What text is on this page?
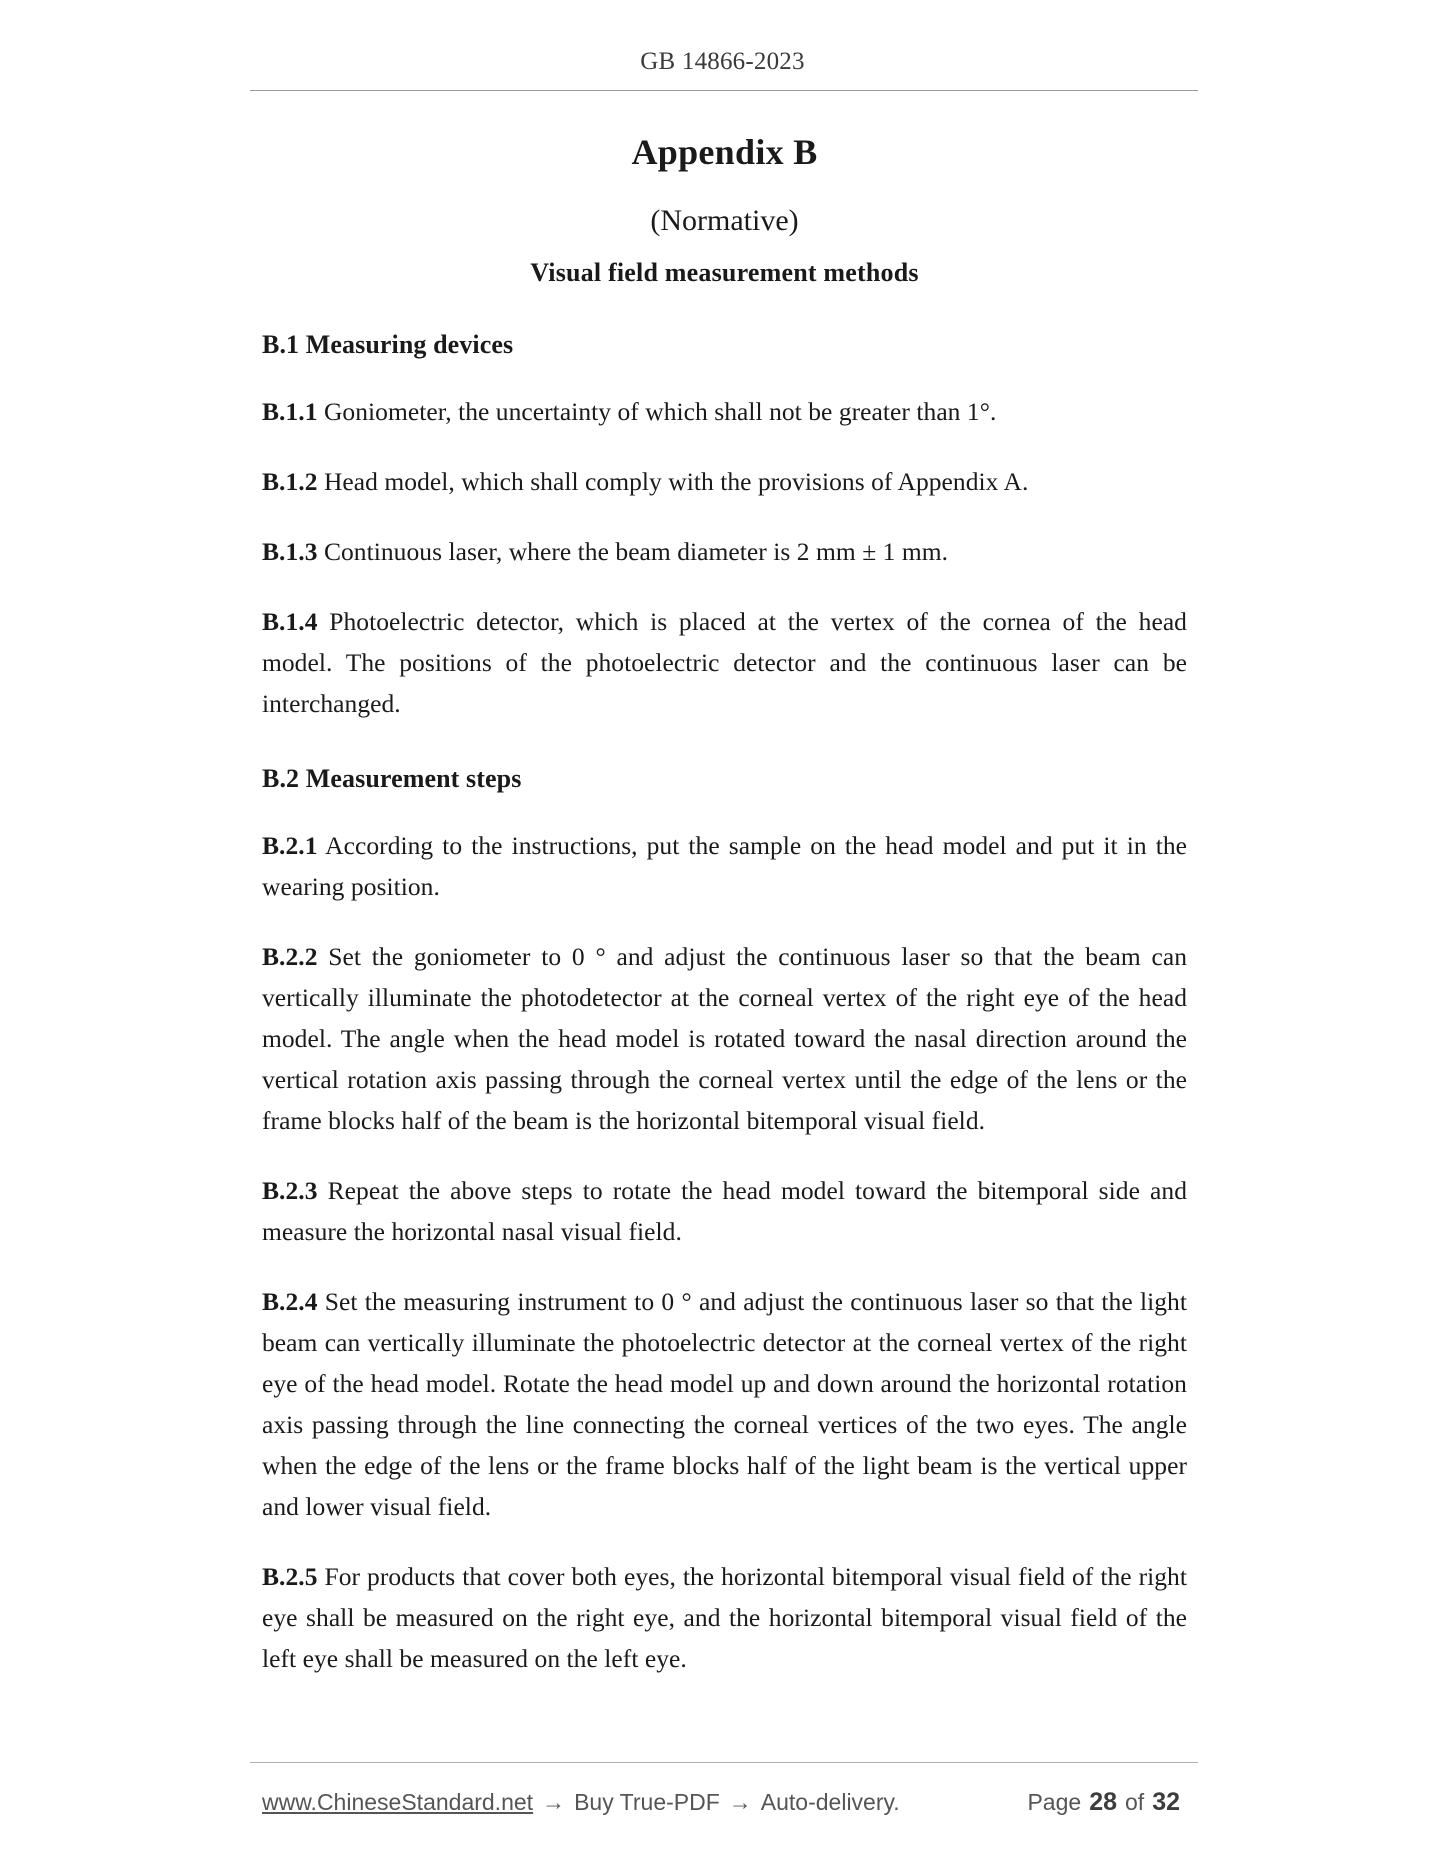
GB 14866-2023
Appendix B
(Normative)
Visual field measurement methods
B.1 Measuring devices

B.1.1 Goniometer, the uncertainty of which shall not be greater than 1°.

B.1.2 Head model, which shall comply with the provisions of Appendix A.

B.1.3 Continuous laser, where the beam diameter is 2 mm ± 1 mm.

B.1.4 Photoelectric detector, which is placed at the vertex of the cornea of the head model. The positions of the photoelectric detector and the continuous laser can be interchanged.

B.2 Measurement steps

B.2.1 According to the instructions, put the sample on the head model and put it in the wearing position.

B.2.2 Set the goniometer to 0 ° and adjust the continuous laser so that the beam can vertically illuminate the photodetector at the corneal vertex of the right eye of the head model. The angle when the head model is rotated toward the nasal direction around the vertical rotation axis passing through the corneal vertex until the edge of the lens or the frame blocks half of the beam is the horizontal bitemporal visual field.

B.2.3 Repeat the above steps to rotate the head model toward the bitemporal side and measure the horizontal nasal visual field.

B.2.4 Set the measuring instrument to 0 ° and adjust the continuous laser so that the light beam can vertically illuminate the photoelectric detector at the corneal vertex of the right eye of the head model. Rotate the head model up and down around the horizontal rotation axis passing through the line connecting the corneal vertices of the two eyes. The angle when the edge of the lens or the frame blocks half of the light beam is the vertical upper and lower visual field.

B.2.5 For products that cover both eyes, the horizontal bitemporal visual field of the right eye shall be measured on the right eye, and the horizontal bitemporal visual field of the left eye shall be measured on the left eye.

www.ChineseStandard.net → Buy True-PDF → Auto-delivery.	Page 28 of 32
